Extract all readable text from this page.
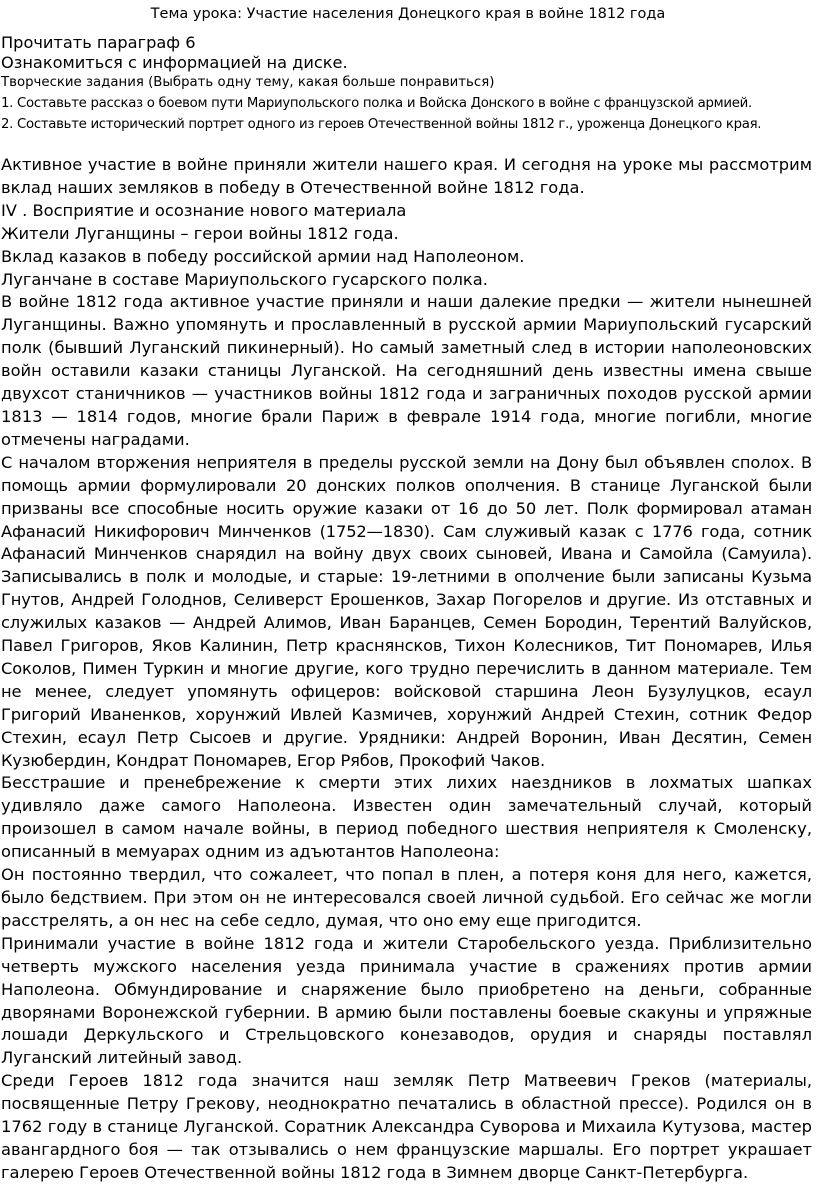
Тема урока: Участие населения Донецкого края в войне 1812 года

Прочитать параграф 6

Ознакомиться с информацией на диске.

Творческие задания (Выбрать одну тему, какая больше понравиться)

1. Составьте рассказ о боевом пути Мариупольского полка и Войска Донского в войне с французской армией.

2. Составьте исторический портрет одного из героев Отечественной войны 1812 г., уроженца Донецкого края.

Активное участие в войне приняли жители нашего края. И сегодня на уроке мы рассмотрим вклад наших земляков в победу в Отечественной войне 1812 года.

IV . Восприятие и осознание нового материала

Жители Луганщины – герои войны 1812 года.

Вклад казаков в победу российской армии над Наполеоном.

Луганчане в составе Мариупольского гусарского полка.

В войне 1812 года активное участие приняли и наши далекие предки — жители нынешней Луганщины. Важно упомянуть и прославленный в русской армии Мариупольский гусарский полк (бывший Луганский пикинерный). Но самый заметный след в истории наполеоновских войн оставили казаки станицы Луганской. На сегодняшний день известны имена свыше двухсот станичников — участников войны 1812 года и заграничных походов русской армии 1813 — 1814 годов, многие брали Париж в феврале 1914 года, многие погибли, многие отмечены наградами.

С началом вторжения неприятеля в пределы русской земли на Дону был объявлен сполох. В помощь армии формулировали 20 донских полков ополчения. В станице Луганской были призваны все способные носить оружие казаки от 16 до 50 лет. Полк формировал атаман Афанасий Никифорович Минченков (1752—1830). Сам служивый казак с 1776 года, сотник Афанасий Минченков снарядил на войну двух своих сыновей, Ивана и Самойла (Самуила). Записывались в полк и молодые, и старые: 19-летними в ополчение были записаны Кузьма Гнутов, Андрей Голоднов, Селиверст Ерошенков, Захар Погорелов и другие. Из отставных и служилых казаков — Андрей Алимов, Иван Баранцев, Семен Бородин, Терентий Валуйсков, Павел Григоров, Яков Калинин, Петр краснянсков, Тихон Колесников, Тит Пономарев, Илья Соколов, Пимен Туркин и многие другие, кого трудно перечислить в данном материале. Тем не менее, следует упомянуть офицеров: войсковой старшина Леон Бузулуцков, есаул Григорий Иваненков, хорунжий Ивлей Казмичев, хорунжий Андрей Стехин, сотник Федор Стехин, есаул Петр Сысоев и другие. Урядники: Андрей Воронин, Иван Десятин, Семен Кузюбердин, Кондрат Пономарев, Егор Рябов, Прокофий Чаков.

Бесстрашие и пренебрежение к смерти этих лихих наездников в лохматых шапках удивляло даже самого Наполеона. Известен один замечательный случай, который произошел в самом начале войны, в период победного шествия неприятеля к Смоленску, описанный в мемуарах одним из адъютантов Наполеона:

Он постоянно твердил, что сожалеет, что попал в плен, а потеря коня для него, кажется, было бедствием. При этом он не интересовался своей личной судьбой. Его сейчас же могли расстрелять, а он нес на себе седло, думая, что оно ему еще пригодится.

Принимали участие в войне 1812 года и жители Старобельского уезда. Приблизительно четверть мужского населения уезда принимала участие в сражениях против армии Наполеона. Обмундирование и снаряжение было приобретено на деньги, собранные дворянами Воронежской губернии. В армию были поставлены боевые скакуны и упряжные лошади Деркульского и Стрельцовского конезаводов, орудия и снаряды поставлял Луганский литейный завод.

Среди Героев 1812 года значится наш земляк Петр Матвеевич Греков (материалы, посвященные Петру Грекову, неоднократно печатались в областной прессе). Родился он в 1762 году в станице Луганской. Соратник Александра Суворова и Михаила Кутузова, мастер авангардного боя — так отзывались о нем французские маршалы. Его портрет украшает галерею Героев Отечественной войны 1812 года в Зимнем дворце Санкт-Петербурга.
